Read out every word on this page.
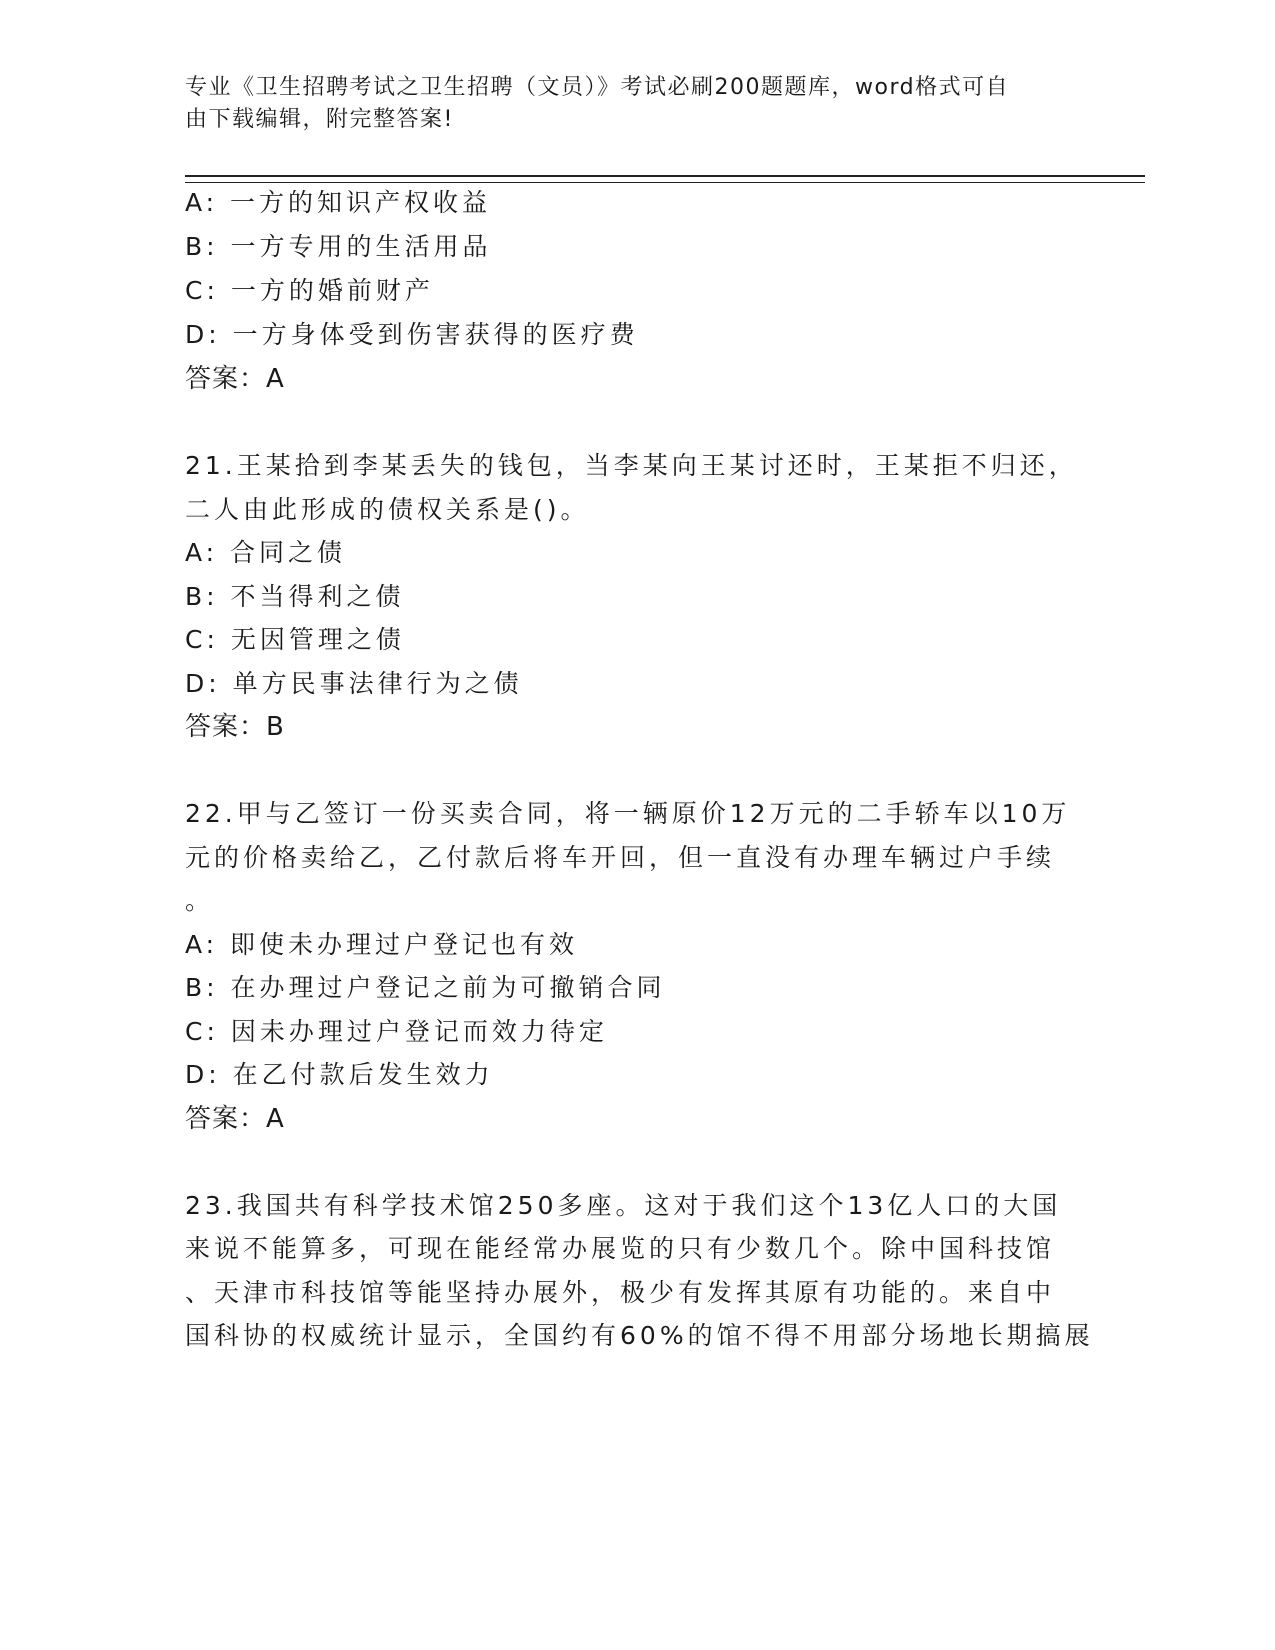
专业《卫生招聘考试之卫生招聘（文员）》考试必刷200题题库，word格式可自
由下载编辑，附完整答案!
A: 一方的知识产权收益
B: 一方专用的生活用品
C: 一方的婚前财产
D: 一方身体受到伤害获得的医疗费
答案：A
21.王某拾到李某丢失的钱包，当李某向王某讨还时，王某拒不归还，
二人由此形成的债权关系是()。
A: 合同之债
B: 不当得利之债
C: 无因管理之债
D: 单方民事法律行为之债
答案：B
22.甲与乙签订一份买卖合同，将一辆原价12万元的二手轿车以10万
元的价格卖给乙，乙付款后将车开回，但一直没有办理车辆过户手续
。
A: 即使未办理过户登记也有效
B: 在办理过户登记之前为可撤销合同
C: 因未办理过户登记而效力待定
D: 在乙付款后发生效力
答案：A
23.我国共有科学技术馆250多座。这对于我们这个13亿人口的大国
来说不能算多，可现在能经常办展览的只有少数几个。除中国科技馆
、天津市科技馆等能坚持办展外，极少有发挥其原有功能的。来自中
国科协的权威统计显示，全国约有60%的馆不得不用部分场地长期搞展
